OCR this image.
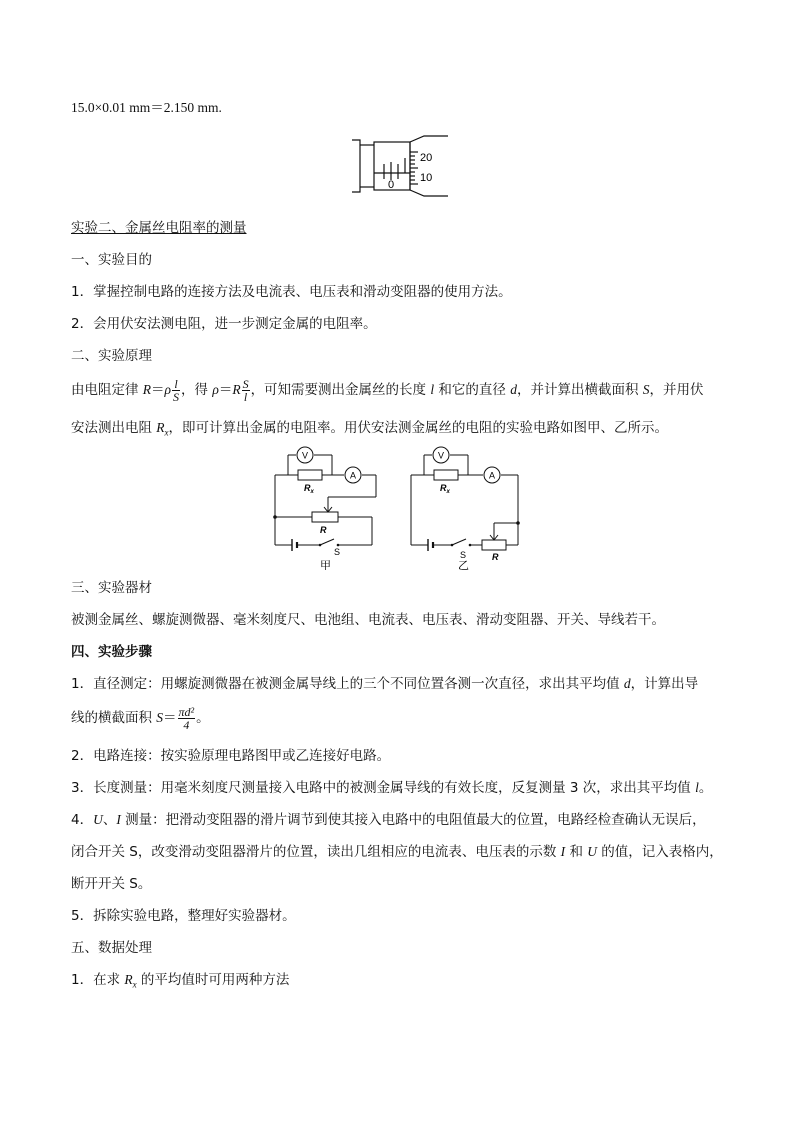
15.0×0.01 mm＝2.150 mm.
20
10
0
实验二、金属丝电阻率的测量
一、实验目的
1．掌握控制电路的连接方法及电流表、电压表和滑动变阻器的使用方法。
2．会用伏安法测电阻，进一步测定金属的电阻率。
二、实验原理
由电阻定律 $R=\rho \frac{l}{S}$ ，得 $\rho=R \frac{S}{l}$ ，可知需要测出金属丝的长度 l 和它的直径 d，并计算出横截面积 S，并用伏
安法测出电阻 $R_x$，即可计算出金属的电阻率。用伏安法测金属丝的电阻的实验电路如图甲、乙所示。
V
A
$R_x$
R
S
甲
V
A
$R_x$
R
S
乙
三、实验器材
被测金属丝、螺旋测微器、毫米刻度尺、电池组、电流表、电压表、滑动变阻器、开关、导线若干。
四、实验步骤
1．直径测定：用螺旋测微器在被测金属导线上的三个不同位置各测一次直径，求出其平均值 d，计算出导
线的横截面积 $S= \frac{\text{πd²}}{4}$ 。
2．电路连接：按实验原理电路图甲或乙连接好电路。
3．长度测量：用毫米刻度尺测量接入电路中的被测金属导线的有效长度，反复测量 3 次，求出其平均值 l。
4．U、I 测量：把滑动变阻器的滑片调节到使其接入电路中的电阻值最大的位置，电路经检查确认无误后，
闭合开关 S，改变滑动变阻器滑片的位置，读出几组相应的电流表、电压表的示数 I 和 U 的值，记入表格内，
断开开关 S。
5．拆除实验电路，整理好实验器材。
五、数据处理
1．在求 $R_x$ 的平均值时可用两种方法
